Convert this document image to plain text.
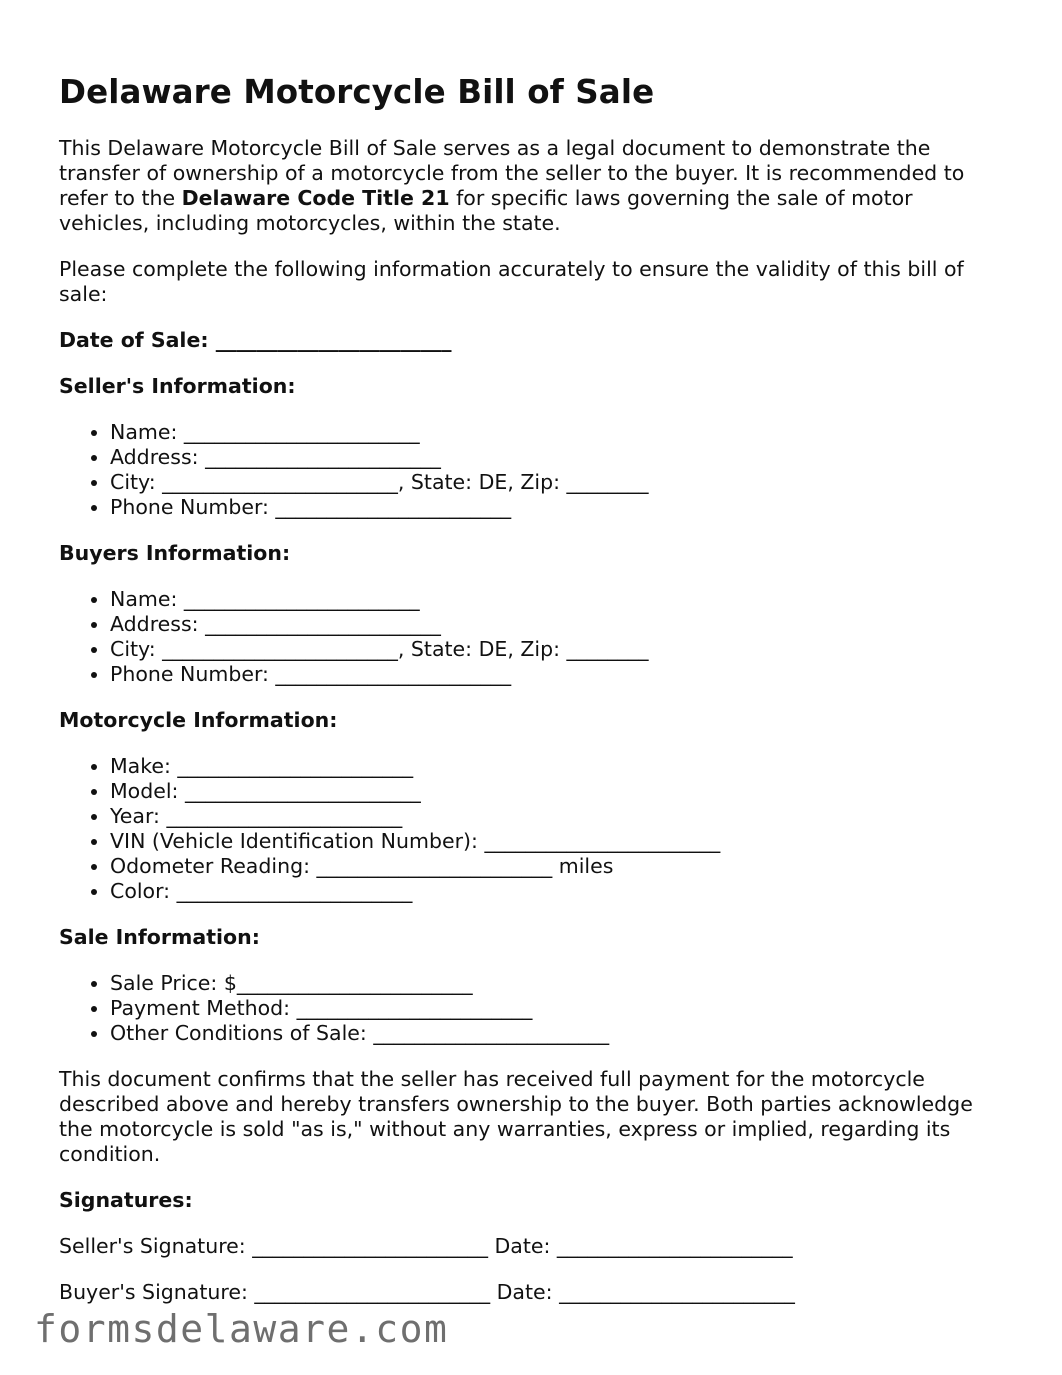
Delaware Motorcycle Bill of Sale

This Delaware Motorcycle Bill of Sale serves as a legal document to demonstrate the transfer of ownership of a motorcycle from the seller to the buyer. It is recommended to refer to the Delaware Code Title 21 for specific laws governing the sale of motor vehicles, including motorcycles, within the state.

Please complete the following information accurately to ensure the validity of this bill of sale:

Date of Sale: _______________________

Seller's Information:

• Name: _______________________
• Address: _______________________
• City: _______________________, State: DE, Zip: ________
• Phone Number: _______________________

Buyers Information:

• Name: _______________________
• Address: _______________________
• City: _______________________, State: DE, Zip: ________
• Phone Number: _______________________

Motorcycle Information:

• Make: _______________________
• Model: _______________________
• Year: _______________________
• VIN (Vehicle Identification Number): _______________________
• Odometer Reading: _______________________ miles
• Color: _______________________

Sale Information:

• Sale Price: $_______________________
• Payment Method: _______________________
• Other Conditions of Sale: _______________________

This document confirms that the seller has received full payment for the motorcycle described above and hereby transfers ownership to the buyer. Both parties acknowledge the motorcycle is sold "as is," without any warranties, express or implied, regarding its condition.

Signatures:

Seller's Signature: _______________________ Date: _______________________

Buyer's Signature: _______________________ Date: _______________________

formsdelaware.com
